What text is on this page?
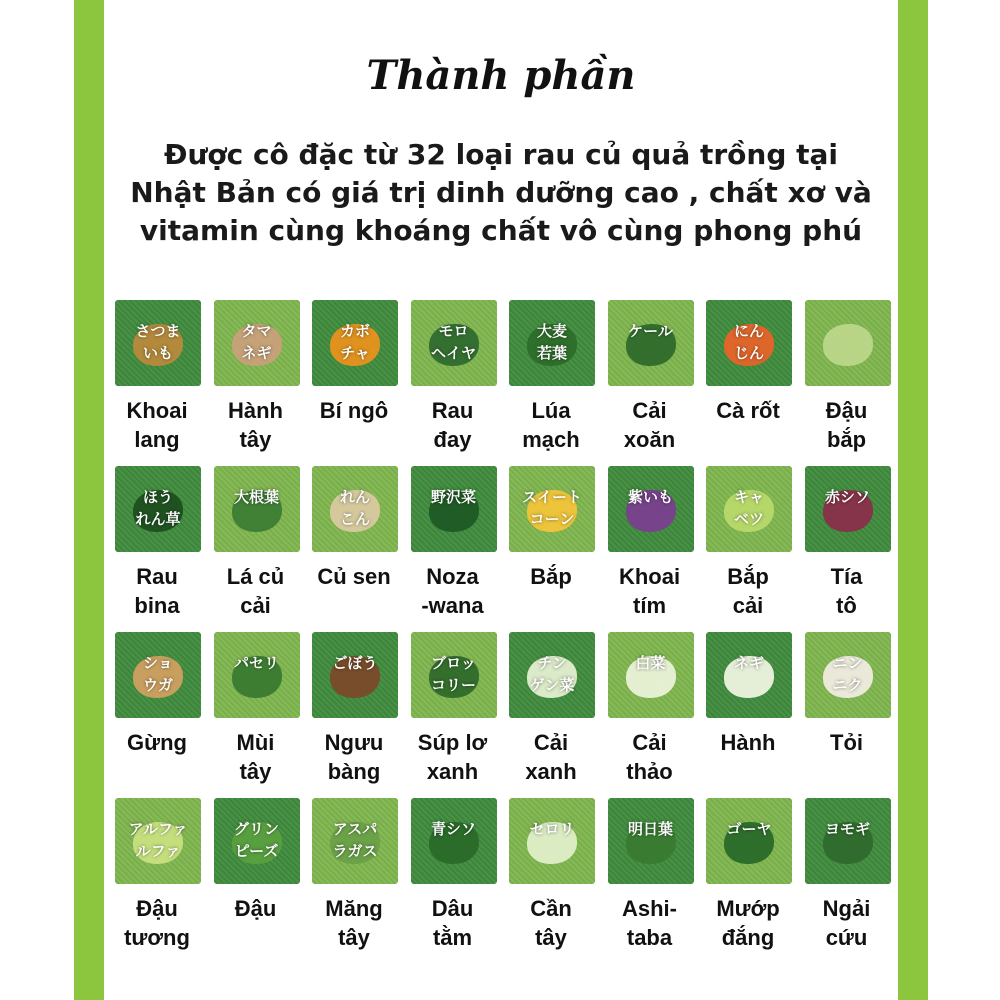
Thành phần
Được cô đặc từ 32 loại rau củ quả trồng tại
Nhật Bản có giá trị dinh dưỡng cao , chất xơ và
vitamin cùng khoáng chất vô cùng phong phú
さつま
いも
Khoai
lang
タマ
ネギ
Hành
tây
カボ
チャ
Bí ngô
モロ
ヘイヤ
Rau
đay
大麦
若葉
Lúa
mạch
ケール
Cải
xoăn
にん
じん
Cà rốt	Đậu
bắp
ほう
れん草
Rau
bina
大根葉
Lá củ
cải
れん
こん
Củ sen
野沢菜
Noza
-wana
スイート
コーン
Bắp
紫いも
Khoai
tím
キャ
ベツ
Bắp
cải
赤シソ
Tía
tô
ショ
ウガ
Gừng
パセリ
Mùi
tây
ごぼう
Ngưu
bàng
ブロッ
コリー
Súp lơ
xanh
チン
ゲン菜
Cải
xanh
白菜
Cải
thảo
ネギ
Hành
ニン
ニク
Tỏi
アルファ
ルファ
Đậu
tương
グリン
ピーズ
Đậu
アスパ
ラガス
Măng
tây
青シソ
Dâu
tằm
セロリ
Cần
tây
明日葉
Ashi-
taba
ゴーヤ
Mướp
đắng
ヨモギ
Ngải
cứu
